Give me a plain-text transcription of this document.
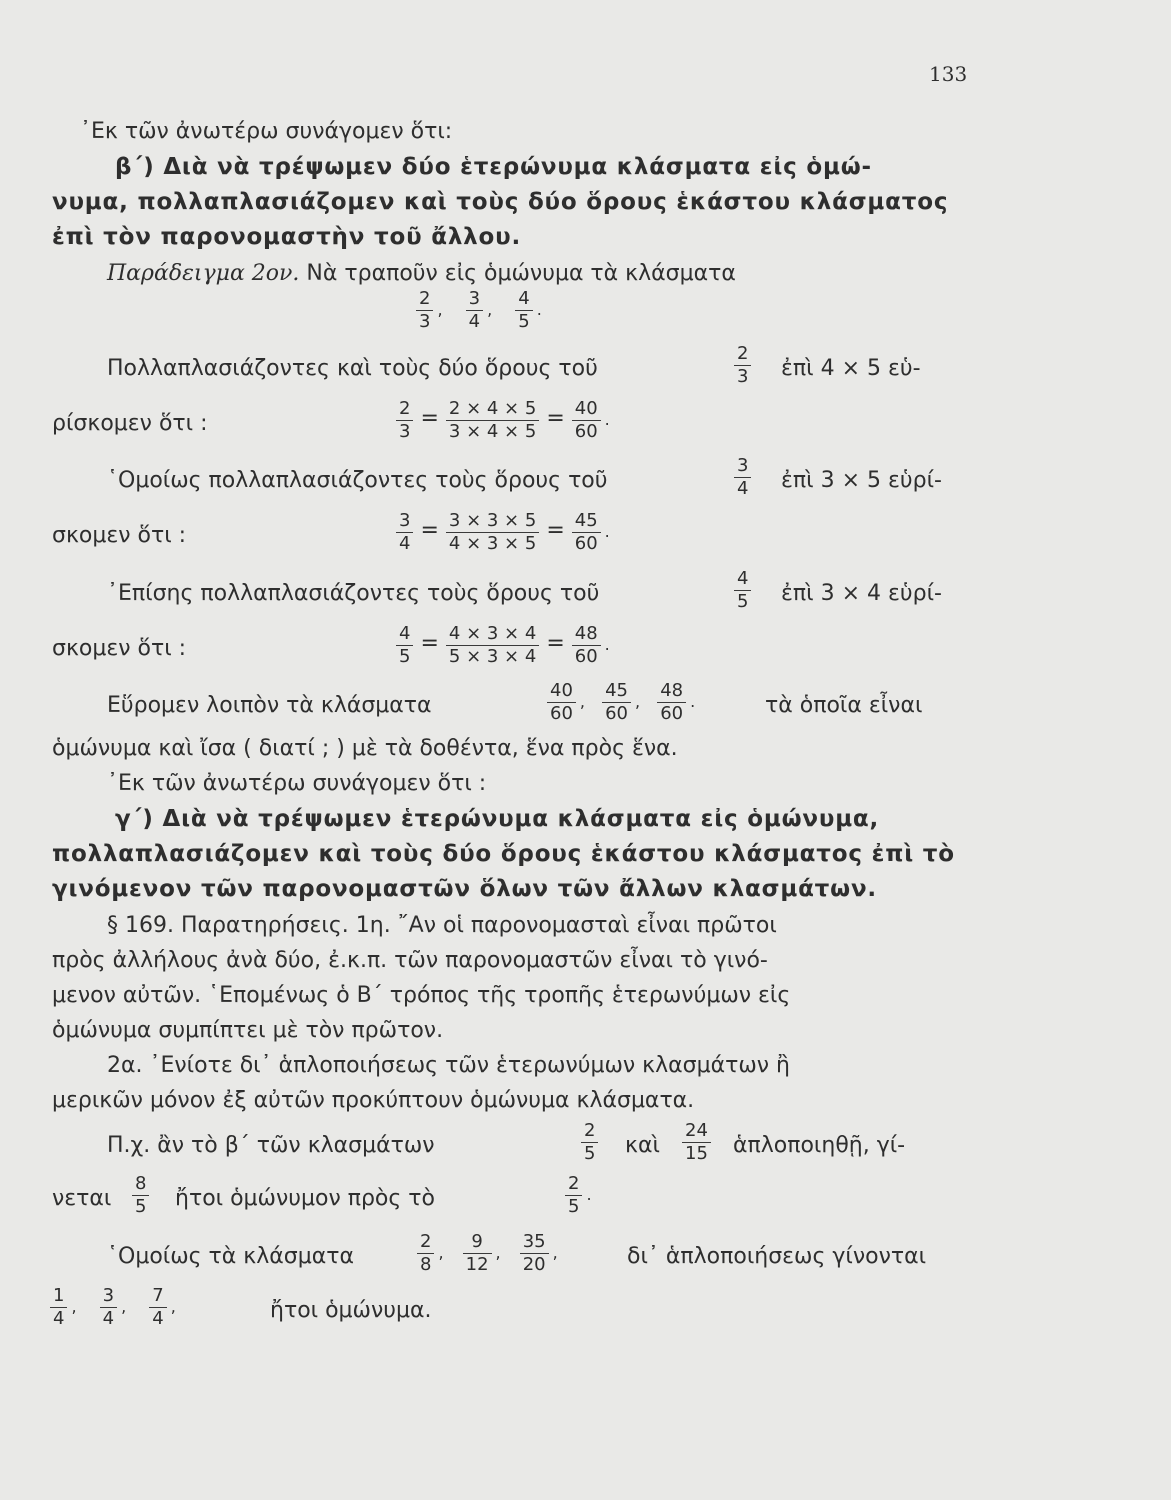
133
᾿Εκ τῶν ἀνωτέρω συνάγομεν ὅτι:
β΄) Διὰ νὰ τρέψωμεν δύο ἑτερώνυμα κλάσματα εἰς ὁμώ-
νυμα, πολλαπλασιάζομεν καὶ τοὺς δύο ὅρους ἑκάστου κλάσματος
ἐπὶ τὸν παρονομαστὴν τοῦ ἄλλου.
Παράδειγμα 2ον. Νὰ τραποῦν εἰς ὁμώνυμα τὰ κλάσματα
$\frac{2}{3}$ , $\frac{3}{4}$ , $\frac{4}{5}$ .
Πολλαπλασιάζοντες καὶ τοὺς δύο ὅρους τοῦ	$\frac{2}{3}$ ἐπὶ 4 × 5 εὑ-
ρίσκομεν ὅτι :	$\frac{2}{3} = \frac{2 \times 4 \times 5}{3 \times 4 \times 5} = \frac{40}{60}$ .
῾Ομοίως πολλαπλασιάζοντες τοὺς ὅρους τοῦ	$\frac{3}{4}$ ἐπὶ 3 × 5 εὑρί-
σκομεν ὅτι :	$\frac{3}{4} = \frac{3 \times 3 \times 5}{4 \times 3 \times 5} = \frac{45}{60}$ .
᾿Επίσης πολλαπλασιάζοντες τοὺς ὅρους τοῦ	$\frac{4}{5}$ ἐπὶ 3 × 4 εὑρί-
σκομεν ὅτι :	$\frac{4}{5} = \frac{4 \times 3 \times 4}{5 \times 3 \times 4} = \frac{48}{60}$ .
Εὕρομεν λοιπὸν τὰ κλάσματα	$\frac{40}{60}$ , $\frac{45}{60}$ , $\frac{48}{60}$ .	τὰ ὁποῖα εἶναι
ὁμώνυμα καὶ ἴσα ( διατί ; ) μὲ τὰ δοθέντα, ἕνα πρὸς ἕνα.
᾿Εκ τῶν ἀνωτέρω συνάγομεν ὅτι :
γ΄) Διὰ νὰ τρέψωμεν ἑτερώνυμα κλάσματα εἰς ὁμώνυμα,
πολλαπλασιάζομεν καὶ τοὺς δύο ὅρους ἑκάστου κλάσματος ἐπὶ τὸ
γινόμενον τῶν παρονομαστῶν ὅλων τῶν ἄλλων κλασμάτων.
§ 169. Παρατηρήσεις. 1η. ῎Αν οἱ παρονομασταὶ εἶναι πρῶτοι
πρὸς ἀλλήλους ἀνὰ δύο, ἐ.κ.π. τῶν παρονομαστῶν εἶναι τὸ γινό-
μενον αὐτῶν. ῾Επομένως ὁ Β΄ τρόπος τῆς τροπῆς ἑτερωνύμων εἰς
ὁμώνυμα συμπίπτει μὲ τὸν πρῶτον.
2α. ᾿Ενίοτε δι᾿ ἁπλοποιήσεως τῶν ἑτερωνύμων κλασμάτων ἢ
μερικῶν μόνον ἐξ αὐτῶν προκύπτουν ὁμώνυμα κλάσματα.
Π.χ. ἂν τὸ β΄ τῶν κλασμάτων	$\frac{2}{5}$ καὶ $\frac{24}{15}$ ἁπλοποιηθῇ, γί-
νεται $\frac{8}{5}$ ἤτοι ὁμώνυμον πρὸς τὸ	$\frac{2}{5}$ .
῾Ομοίως τὰ κλάσματα	$\frac{2}{8}$ , $\frac{9}{12}$ , $\frac{35}{20}$ ,	δι᾿ ἁπλοποιήσεως γίνονται
$\frac{1}{4}$ , $\frac{3}{4}$ , $\frac{7}{4}$ ,	ἤτοι ὁμώνυμα.
